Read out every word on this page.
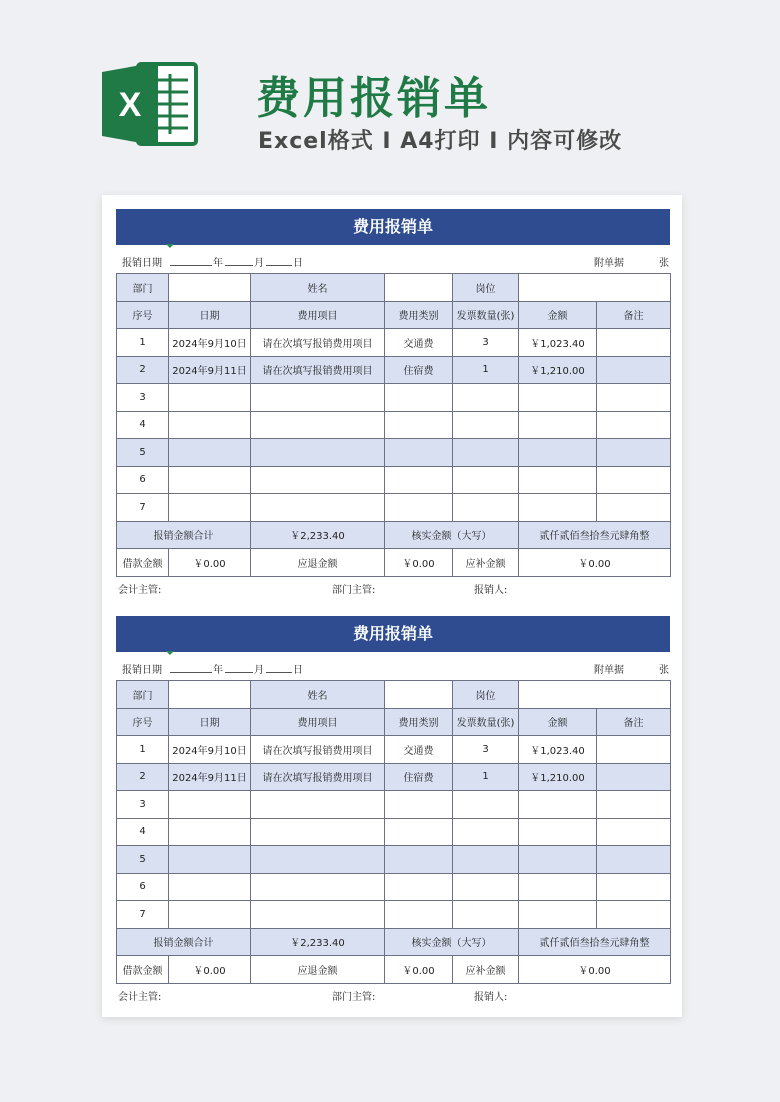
X	费用报销单
Excel格式 I A4打印 I 内容可修改
费用报销单
报销日期	年	月	日	附单据	张
部门		姓名		岗位		
序号	日期	费用项目	费用类别	发票数量(张)	金额	备注
1	2024年9月10日	请在次填写报销费用项目	交通费	3	￥1,023.40	
2	2024年9月11日	请在次填写报销费用项目	住宿费	1	￥1,210.00	
3						
4						
5						
6						
7						
报销金额合计		￥2,233.40	核实金额（大写）		贰仟贰佰叁拾叁元肆角整	
借款金额	￥0.00	应退金额	￥0.00	应补金额	￥0.00	
会计主管:	部门主管:	报销人:
费用报销单
报销日期	年	月	日	附单据	张
部门		姓名		岗位		
序号	日期	费用项目	费用类别	发票数量(张)	金额	备注
1	2024年9月10日	请在次填写报销费用项目	交通费	3	￥1,023.40	
2	2024年9月11日	请在次填写报销费用项目	住宿费	1	￥1,210.00	
3						
4						
5						
6						
7						
报销金额合计		￥2,233.40	核实金额（大写）		贰仟贰佰叁拾叁元肆角整	
借款金额	￥0.00	应退金额	￥0.00	应补金额	￥0.00	
会计主管:	部门主管:	报销人:
